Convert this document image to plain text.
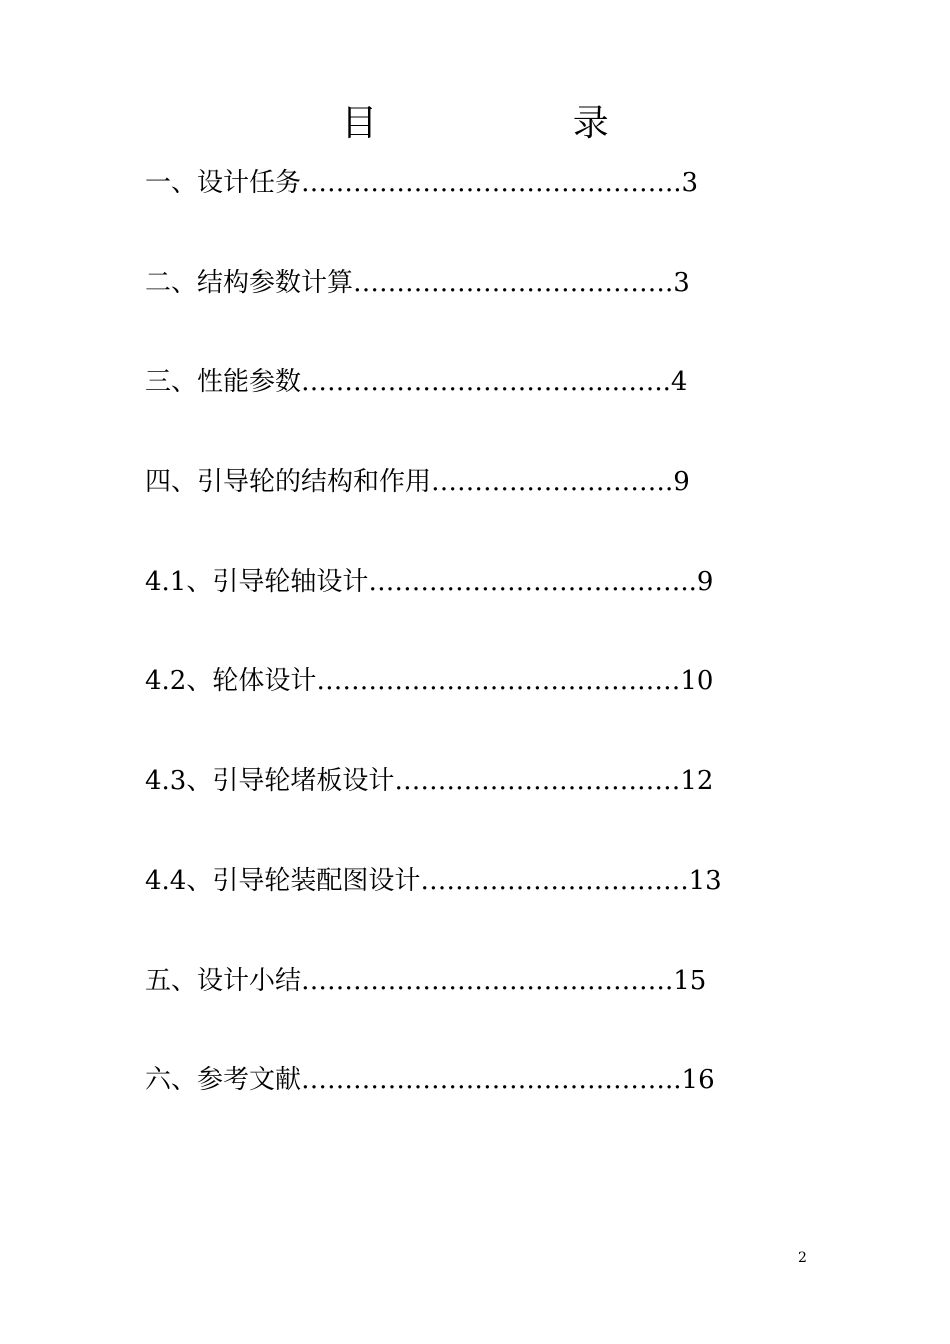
目 录
一、设计任务……………………………………..3
二、结构参数计算……………………………….3
三、性能参数…………………………….....…..4
四、引导轮的结构和作用……………………….9
4.1、引导轮轴设计………………………………..9
4.2、轮体设计……………………………………10
4.3、引导轮堵板设计……………………………12
4.4、引导轮装配图设计………………………….13
五、设计小结…………………………………….15
六、参考文献……………………………………..16
2
